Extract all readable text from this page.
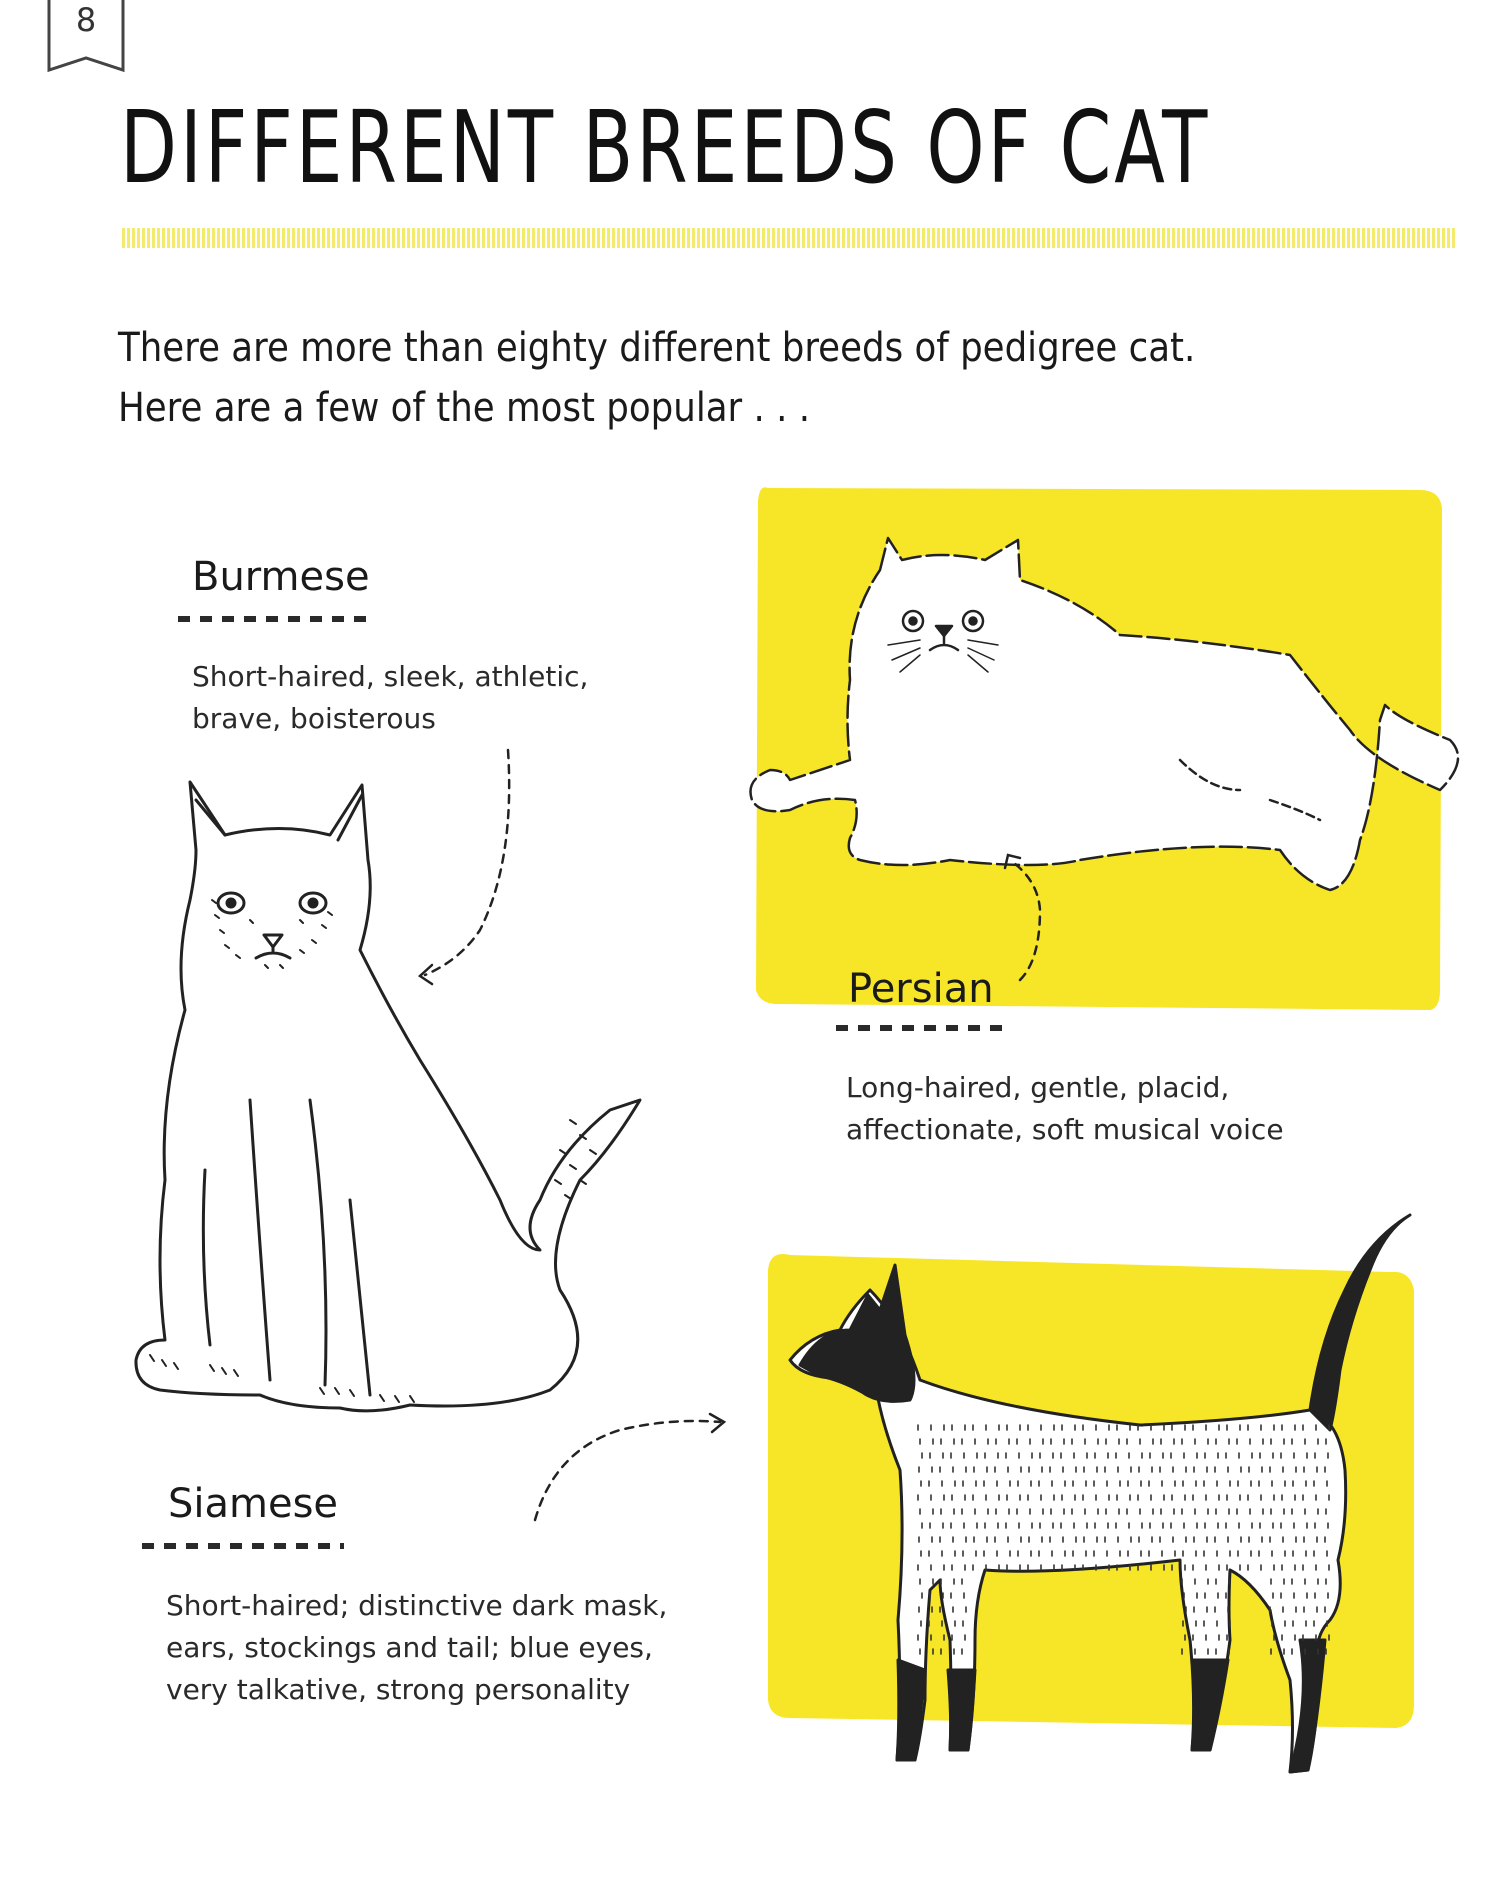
8
DIFFERENT BREEDS OF CAT
There are more than eighty different breeds of pedigree cat.
Here are a few of the most popular . . .
Burmese
Short-haired, sleek, athletic,
brave, boisterous
Persian
Long-haired, gentle, placid,
affectionate, soft musical voice
Siamese
Short-haired; distinctive dark mask,
ears, stockings and tail; blue eyes,
very talkative, strong personality
